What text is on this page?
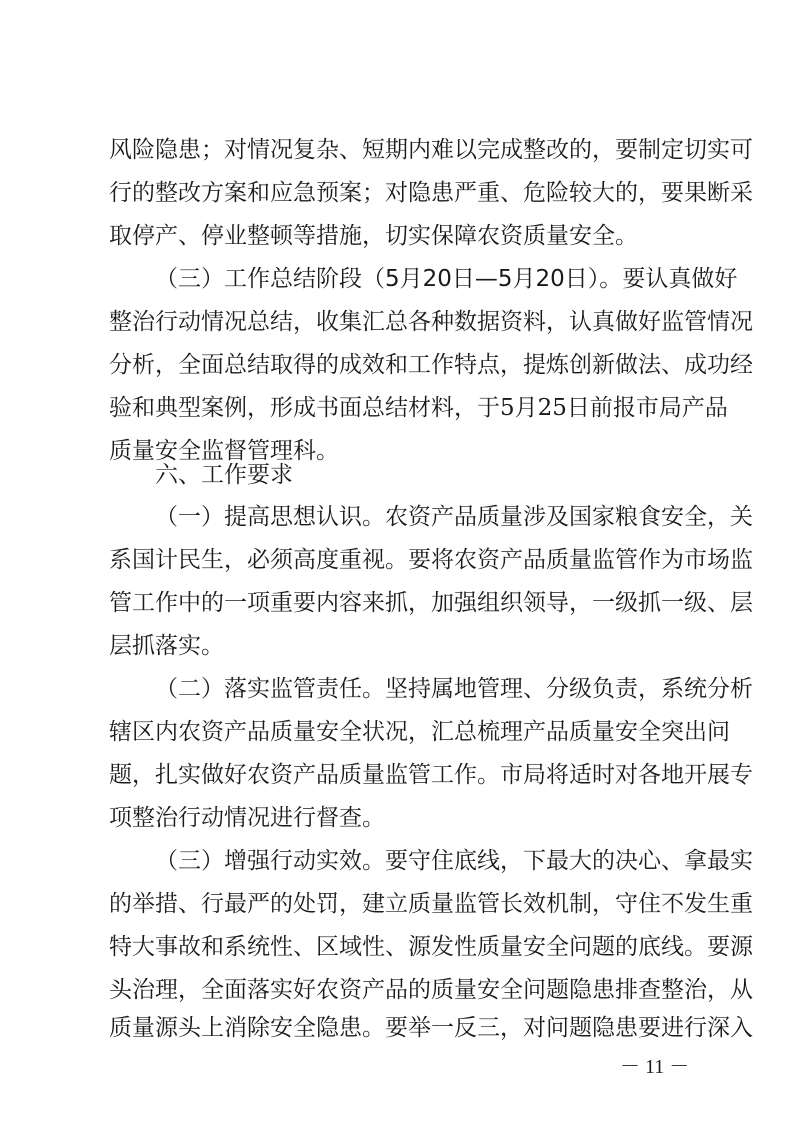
风险隐患；对情况复杂、短期内难以完成整改的，要制定切实可
行的整改方案和应急预案；对隐患严重、危险较大的，要果断采
取停产、停业整顿等措施，切实保障农资质量安全。
（三）工作总结阶段（5月20日—5月20日）。要认真做好
整治行动情况总结，收集汇总各种数据资料，认真做好监管情况
分析，全面总结取得的成效和工作特点，提炼创新做法、成功经
验和典型案例，形成书面总结材料，于5月25日前报市局产品
质量安全监督管理科。
六、工作要求
（一）提高思想认识。农资产品质量涉及国家粮食安全，关
系国计民生，必须高度重视。要将农资产品质量监管作为市场监
管工作中的一项重要内容来抓，加强组织领导，一级抓一级、层
层抓落实。
（二）落实监管责任。坚持属地管理、分级负责，系统分析
辖区内农资产品质量安全状况，汇总梳理产品质量安全突出问
题，扎实做好农资产品质量监管工作。市局将适时对各地开展专
项整治行动情况进行督查。
（三）增强行动实效。要守住底线，下最大的决心、拿最实
的举措、行最严的处罚，建立质量监管长效机制，守住不发生重
特大事故和系统性、区域性、源发性质量安全问题的底线。要源
头治理，全面落实好农资产品的质量安全问题隐患排查整治，从
质量源头上消除安全隐患。要举一反三，对问题隐患要进行深入
－ 11 －
